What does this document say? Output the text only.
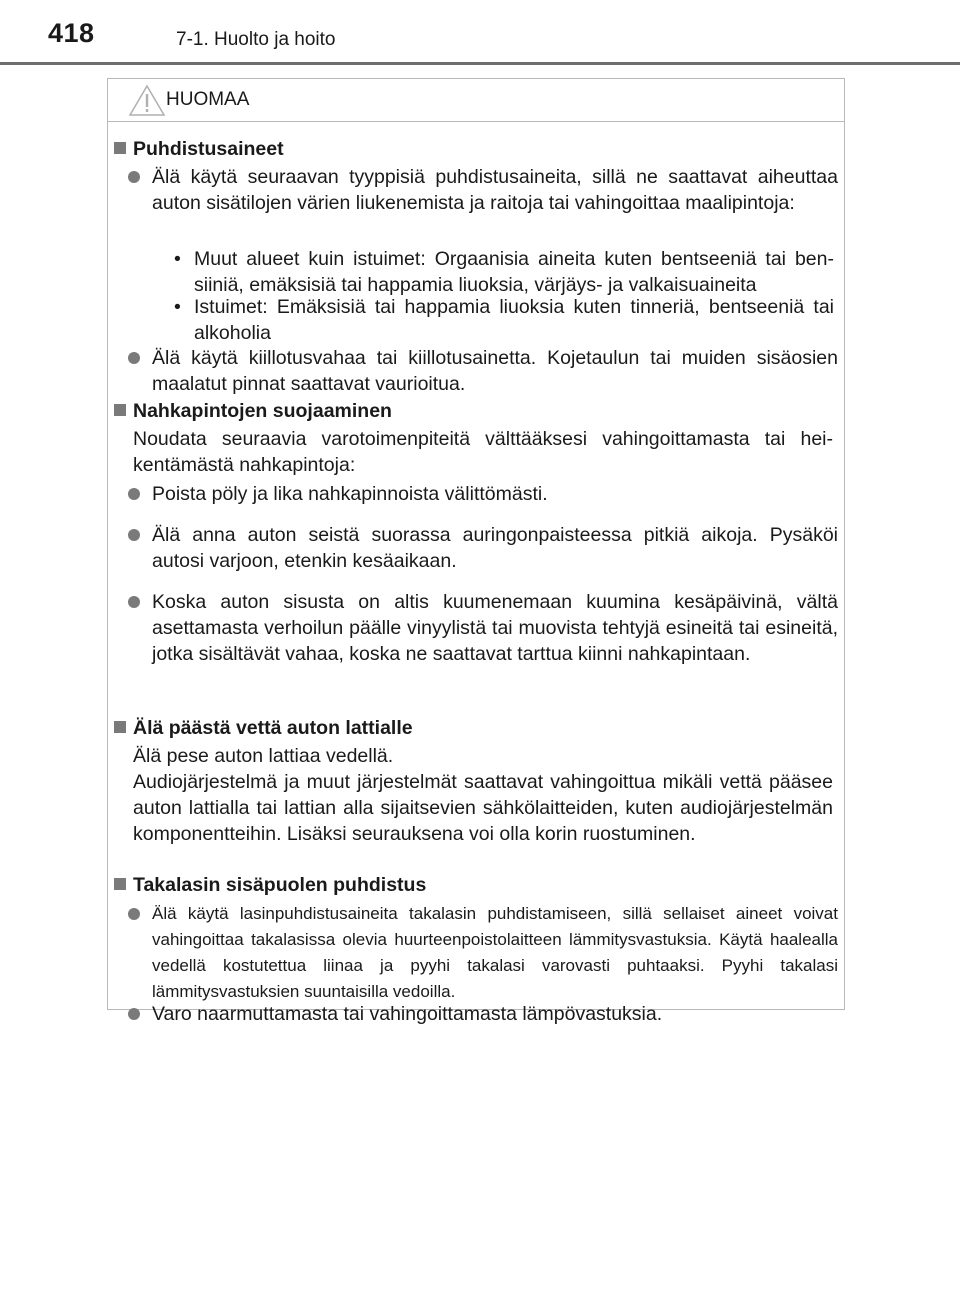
418	7-1. Huolto ja hoito
HUOMAA
Puhdistusaineet
Älä käytä seuraavan tyyppisiä puhdistusaineita, sillä ne saattavat aiheuttaa auton sisätilojen värien liukenemista ja raitoja tai vahingoittaa maalipintoja:
• Muut alueet kuin istuimet: Orgaanisia aineita kuten bentseeniä tai bensiiniä, emäksisiä tai happamia liuoksia, värjäys- ja valkaisuaineita
• Istuimet: Emäksisiä tai happamia liuoksia kuten tinneriä, bentseeniä tai alkoholia
Älä käytä kiillotusvahaa tai kiillotusainetta. Kojetaulun tai muiden sisäosien maalatut pinnat saattavat vaurioitua.
Nahkapintojen suojaaminen
Noudata seuraavia varotoimenpiteitä välttääksesi vahingoittamasta tai heikentämästä nahkapintoja:
Poista pöly ja lika nahkapinnoista välittömästi.
Älä anna auton seistä suorassa auringonpaisteessa pitkiä aikoja. Pysäköi autosi varjoon, etenkin kesäaikaan.
Koska auton sisusta on altis kuumenemaan kuumina kesäpäivinä, vältä asettamasta verhoilun päälle vinyylistä tai muovista tehtyjä esineitä tai esineitä, jotka sisältävät vahaa, koska ne saattavat tarttua kiinni nahkapintaan.
Älä päästä vettä auton lattialle
Älä pese auton lattiaa vedellä.
Audiojärjestelmä ja muut järjestelmät saattavat vahingoittua mikäli vettä pääsee auton lattialla tai lattian alla sijaitsevien sähkölaitteiden, kuten audiojärjestelmän komponentteihin. Lisäksi seurauksena voi olla korin ruostuminen.
Takalasin sisäpuolen puhdistus
Älä käytä lasinpuhdistusaineita takalasin puhdistamiseen, sillä sellaiset aineet voivat vahingoittaa takalasissa olevia huurteenpoistolaitteen lämmitysvastuksia. Käytä haalealla vedellä kostutettua liinaa ja pyyhi takalasi varovasti puhtaaksi. Pyyhi takalasi lämmitysvastuksien suuntaisilla vedoilla.
Varo naarmuttamasta tai vahingoittamasta lämpövastuksia.
